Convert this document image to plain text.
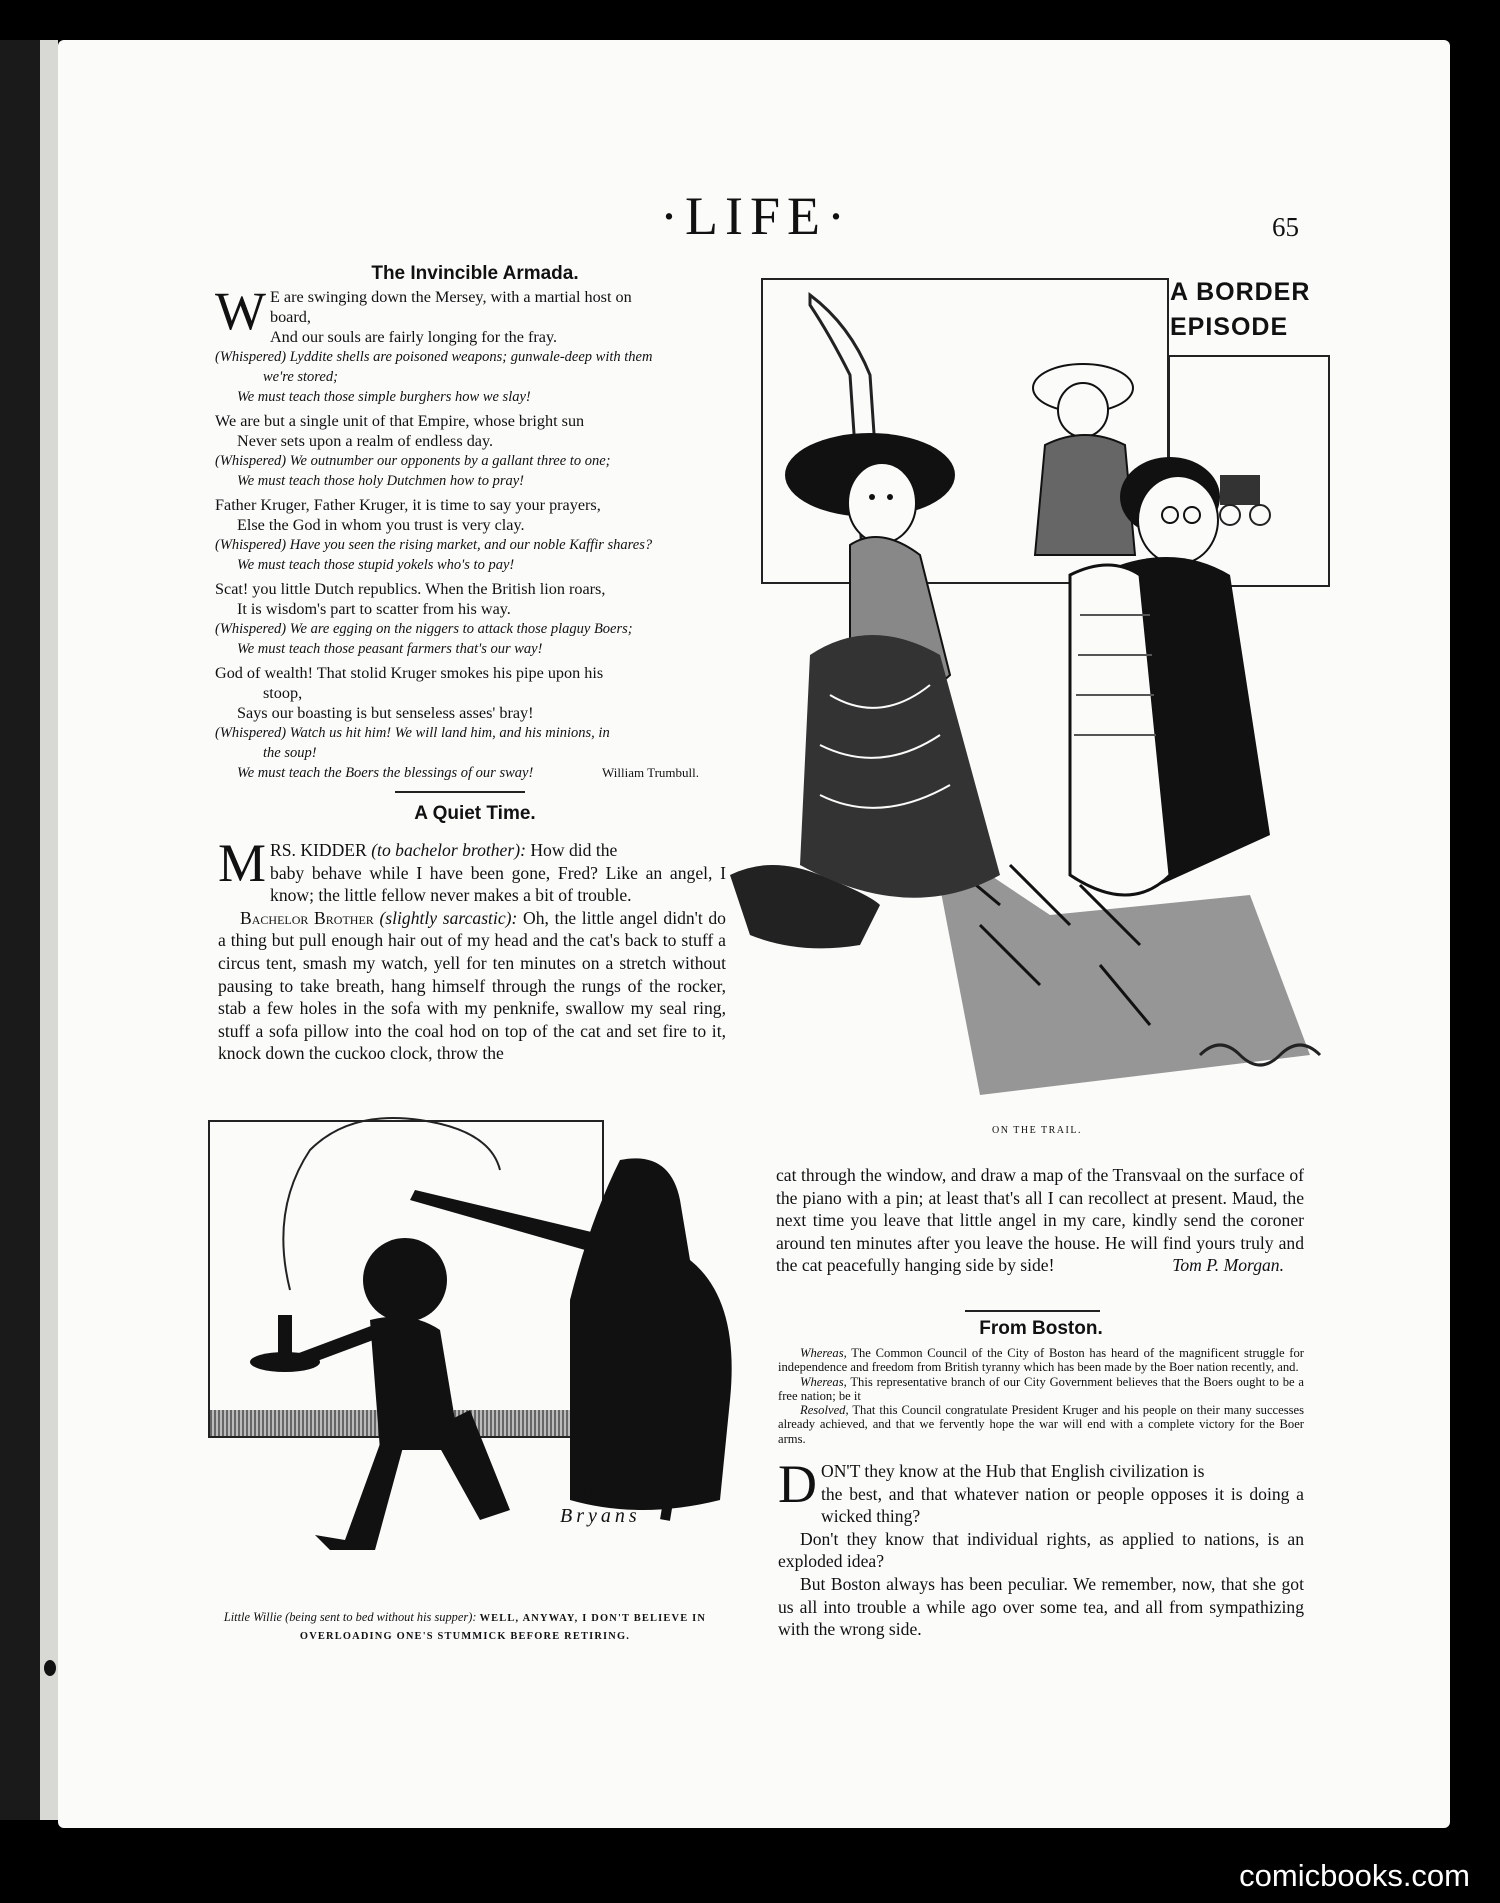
·LIFE·	65
The Invincible Armada.
W E are swinging down the Mersey, with a martial host on
board,
And our souls are fairly longing for the fray.
(Whispered) Lyddite shells are poisoned weapons; gunwale-deep with them
we're stored;
We must teach those simple burghers how we slay!
We are but a single unit of that Empire, whose bright sun
Never sets upon a realm of endless day.
(Whispered) We outnumber our opponents by a gallant three to one;
We must teach those holy Dutchmen how to pray!
Father Kruger, Father Kruger, it is time to say your prayers,
Else the God in whom you trust is very clay.
(Whispered) Have you seen the rising market, and our noble Kaffir shares?
We must teach those stupid yokels who's to pay!
Scat! you little Dutch republics. When the British lion roars,
It is wisdom's part to scatter from his way.
(Whispered) We are egging on the niggers to attack those plaguy Boers;
We must teach those peasant farmers that's our way!
God of wealth! That stolid Kruger smokes his pipe upon his
stoop,
Says our boasting is but senseless asses' bray!
(Whispered) Watch us hit him! We will land him, and his minions, in
the soup!
We must teach the Boers the blessings of our sway!	William Trumbull.
A Quiet Time.

MRS. KIDDER (to bachelor brother): How did the
baby behave while I have been gone, Fred? Like an angel, I know; the little fellow never makes a bit of trouble.

Bachelor Brother (slightly sarcastic): Oh, the little angel didn't do a thing but pull enough hair out of my head and the cat's back to stuff a circus tent, smash my watch, yell for ten minutes on a stretch without pausing to take breath, hang himself through the rungs of the rocker, stab a few holes in the sofa with my penknife, swallow my seal ring, stuff a sofa pillow into the coal hod on top of the cat and set fire to it, knock down the cuckoo clock, throw the

A BORDER
EPISODE
ON THE TRAIL.
Jay K.
Bryans
Little Willie (being sent to bed without his supper): WELL, ANYWAY, I DON'T BELIEVE IN OVERLOADING ONE'S STUMMICK BEFORE RETIRING.

cat through the window, and draw a map of the Transvaal on the surface of the piano with a pin; at least that's all I can recollect at present. Maud, the next time you leave that little angel in my care, kindly send the coroner around ten minutes after you leave the house. He will find yours truly and the cat peacefully hanging side by side!	Tom P. Morgan.

From Boston.
Whereas, The Common Council of the City of Boston has heard of the magnificent struggle for independence and freedom from British tyranny which has been made by the Boer nation recently, and.
Whereas, This representative branch of our City Government believes that the Boers ought to be a free nation; be it
Resolved, That this Council congratulate President Kruger and his people on their many successes already achieved, and that we fervently hope the war will end with a complete victory for the Boer arms.

DON'T they know at the Hub that English civilization is
the best, and that whatever nation or people opposes it is doing a wicked thing?

Don't they know that individual rights, as applied to nations, is an exploded idea?

But Boston always has been peculiar. We remember, now, that she got us all into trouble a while ago over some tea, and all from sympathizing with the wrong side.

comicbooks.com
